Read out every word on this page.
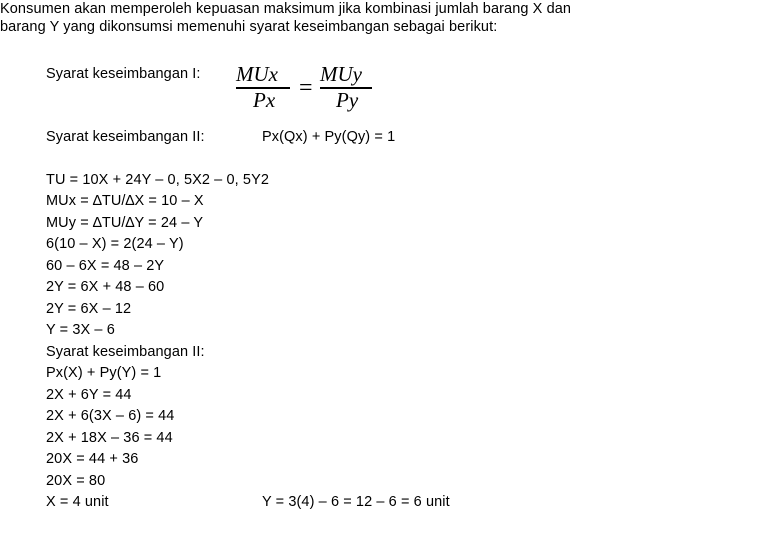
Konsumen akan memperoleh kepuasan maksimum jika kombinasi jumlah barang X dan
barang Y yang dikonsumsi memenuhi syarat keseimbangan sebagai berikut:
Syarat keseimbangan I: MUx
Px =
MUy
Py
Syarat keseimbangan II:	Px(Qx) + Py(Qy) = 1
TU = 10X + 24Y – 0, 5X2 – 0, 5Y2
MUx = ∆TU/∆X = 10 – X
MUy = ∆TU/∆Y = 24 – Y
6(10 – X) = 2(24 – Y)
60 – 6X = 48 – 2Y
2Y = 6X + 48 – 60
2Y = 6X – 12
Y = 3X – 6
Syarat keseimbangan II:
Px(X) + Py(Y) = 1
2X + 6Y = 44
2X + 6(3X – 6) = 44
2X + 18X – 36 = 44
20X = 44 + 36
20X = 80
X = 4 unit	Y = 3(4) – 6 = 12 – 6 = 6 unit
